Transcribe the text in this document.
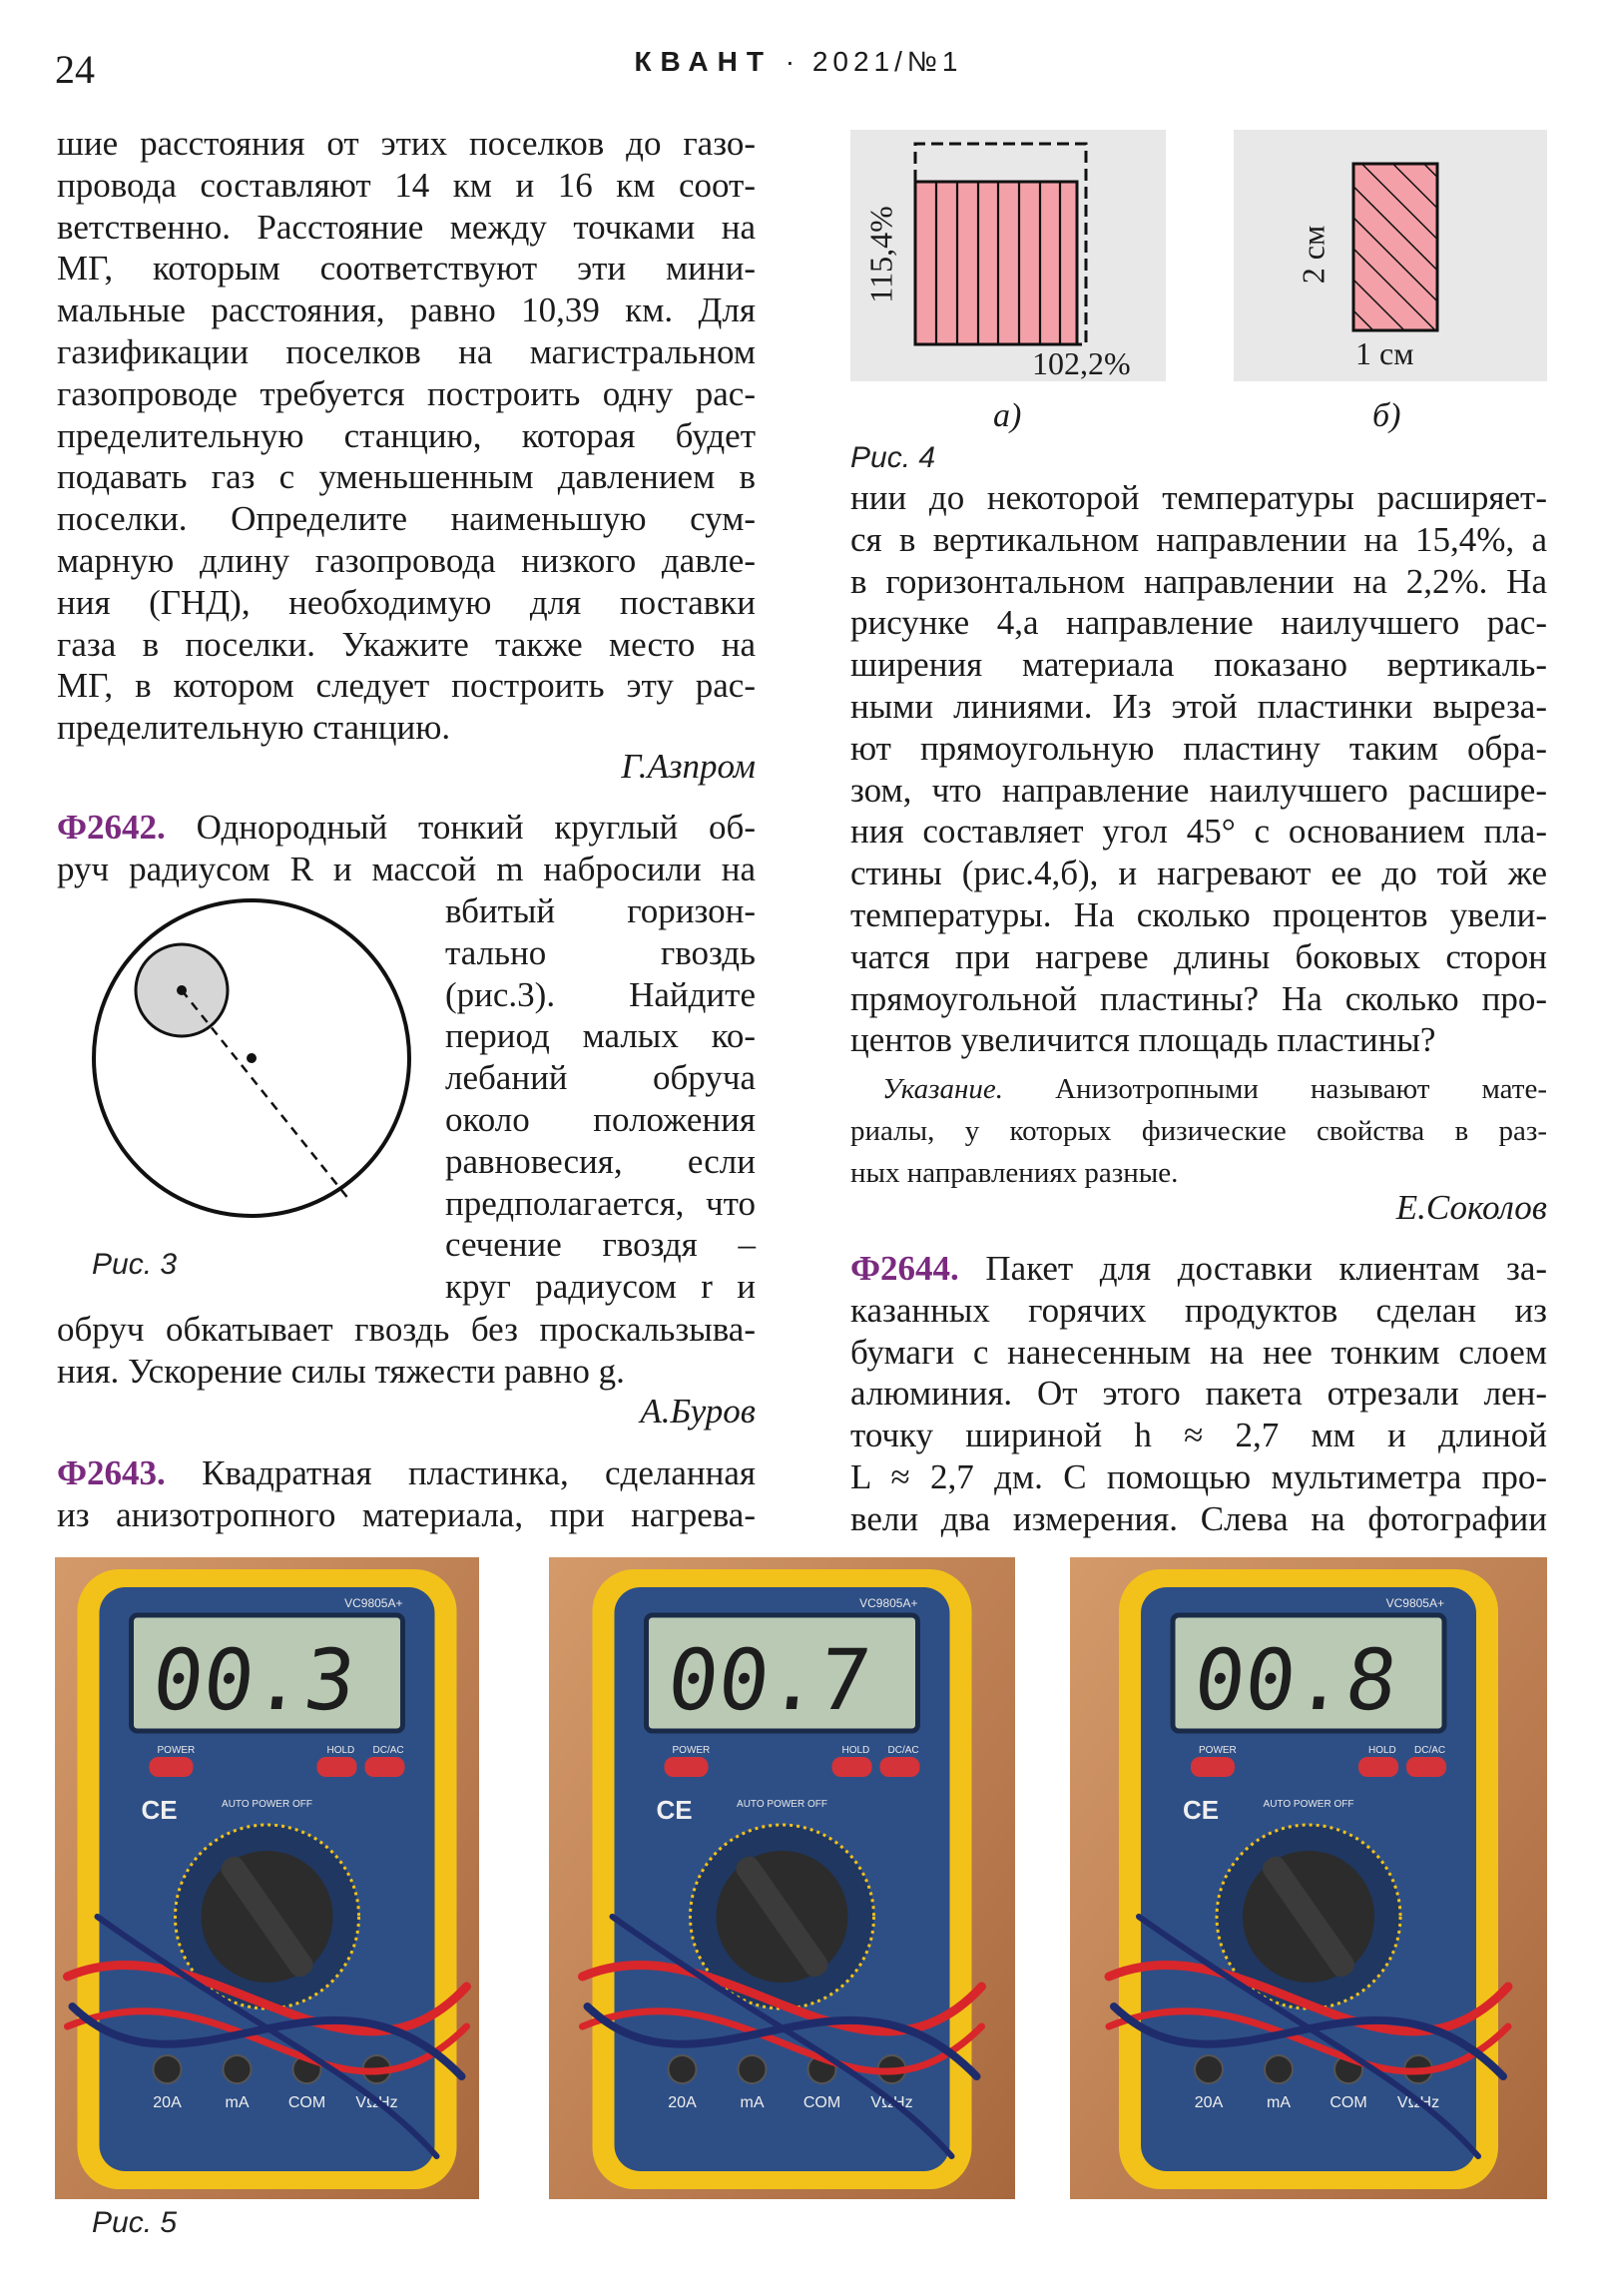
24	КВАНТ · 2021/№1
шие расстояния от этих поселков до газо-
провода составляют 14 км и 16 км соот-
ветственно. Расстояние между точками на
МГ, которым соответствуют эти мини-
мальные расстояния, равно 10,39 км. Для
газификации поселков на магистральном
газопроводе требуется построить одну рас-
пределительную станцию, которая будет
подавать газ с уменьшенным давлением в
поселки. Определите наименьшую сум-
марную длину газопровода низкого давле-
ния (ГНД), необходимую для поставки
газа в поселки. Укажите также место на
МГ, в котором следует построить эту рас-
пределительную станцию.
Г.Азпром
Ф2642. Однородный тонкий круглый об-
руч радиусом R и массой m набросили на
Рис. 3
вбитый горизон-
тально гвоздь
(рис.3). Найдите
период малых ко-
лебаний обруча
около положения
равновесия, если
предполагается, что
сечение гвоздя –
круг радиусом r и
обруч обкатывает гвоздь без проскальзыва-
ния. Ускорение силы тяжести равно g.
А.Буров
Ф2643. Квадратная пластинка, сделанная
из анизотропного материала, при нагрева-
115,4%
102,2%
2 см
1 см
а)	б)
Рис. 4
нии до некоторой температуры расширяет-
ся в вертикальном направлении на 15,4%, а
в горизонтальном направлении на 2,2%. На
рисунке 4,а направление наилучшего рас-
ширения материала показано вертикаль-
ными линиями. Из этой пластинки выреза-
ют прямоугольную пластину таким обра-
зом, что направление наилучшего расшире-
ния составляет угол 45° с основанием пла-
стины (рис.4,б), и нагревают ее до той же
температуры. На сколько процентов увели-
чатся при нагреве длины боковых сторон
прямоугольной пластины? На сколько про-
центов увеличится площадь пластины?
Указание. Анизотропными называют мате-
риалы, у которых физические свойства в раз-
ных направлениях разные.
Е.Соколов
Ф2644. Пакет для доставки клиентам за-
казанных горячих продуктов сделан из
бумаги с нанесенным на нее тонким слоем
алюминия. От этого пакета отрезали лен-
точку шириной h ≈ 2,7 мм и длиной
L ≈ 2,7 дм. С помощью мультиметра про-
вели два измерения. Слева на фотографии
VC9805A+
00.3
POWER	HOLD DC/AC
CE	AUTO POWER OFF
20A	mA COM VΩHz
VC9805A+
00.7
POWER	HOLD DC/AC
CE	AUTO POWER OFF
20A	mA COM VΩHz
VC9805A+
00.8
POWER	HOLD DC/AC
CE	AUTO POWER OFF
20A	mA COM VΩHz
Рис. 5
